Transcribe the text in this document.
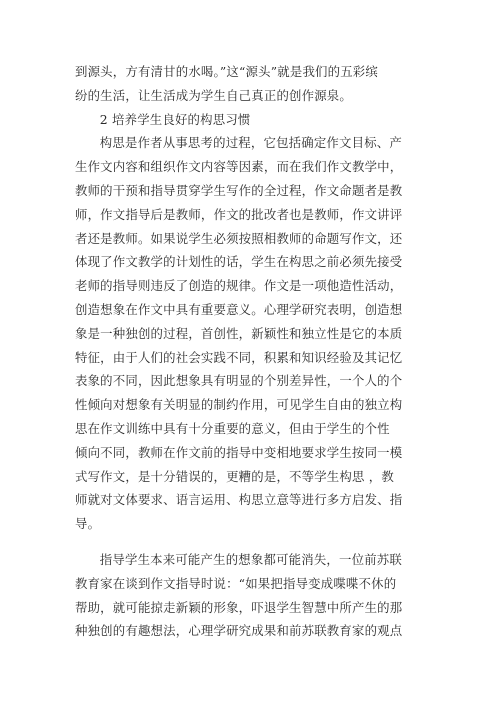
到源头，方有清甘的水喝。”这“源头”就是我们的五彩缤
纷的生活，让生活成为学生自己真正的创作源泉。

2 培养学生良好的构思习惯

构思是作者从事思考的过程，它包括确定作文目标、产
生作文内容和组织作文内容等因素，而在我们作文教学中，
教师的干预和指导贯穿学生写作的全过程，作文命题者是教
师，作文指导后是教师，作文的批改者也是教师，作文讲评
者还是教师。如果说学生必须按照相教师的命题写作文，还
体现了作文教学的计划性的话，学生在构思之前必须先接受
老师的指导则违反了创造的规律。作文是一项他造性活动，
创造想象在作文中具有重要意义。心理学研究表明，创造想
象是一种独创的过程，首创性，新颖性和独立性是它的本质
特征，由于人们的社会实践不同，积累和知识经验及其记忆
表象的不同，因此想象具有明显的个别差异性，一个人的个
性倾向对想象有关明显的制约作用，可见学生自由的独立构
思在作文训练中具有十分重要的意义，但由于学生的个性
倾向不同，教师在作文前的指导中变相地要求学生按同一模
式写作文，是十分错误的，更糟的是，不等学生构思 ，教
师就对文体要求、语言运用、构思立意等进行多方启发、指
导。

指导学生本来可能产生的想象都可能消失，一位前苏联
教育家在谈到作文指导时说：“如果把指导变成喋喋不休的
帮助，就可能掠走新颖的形象，吓退学生智慧中所产生的那
种独创的有趣想法，心理学研究成果和前苏联教育家的观点
